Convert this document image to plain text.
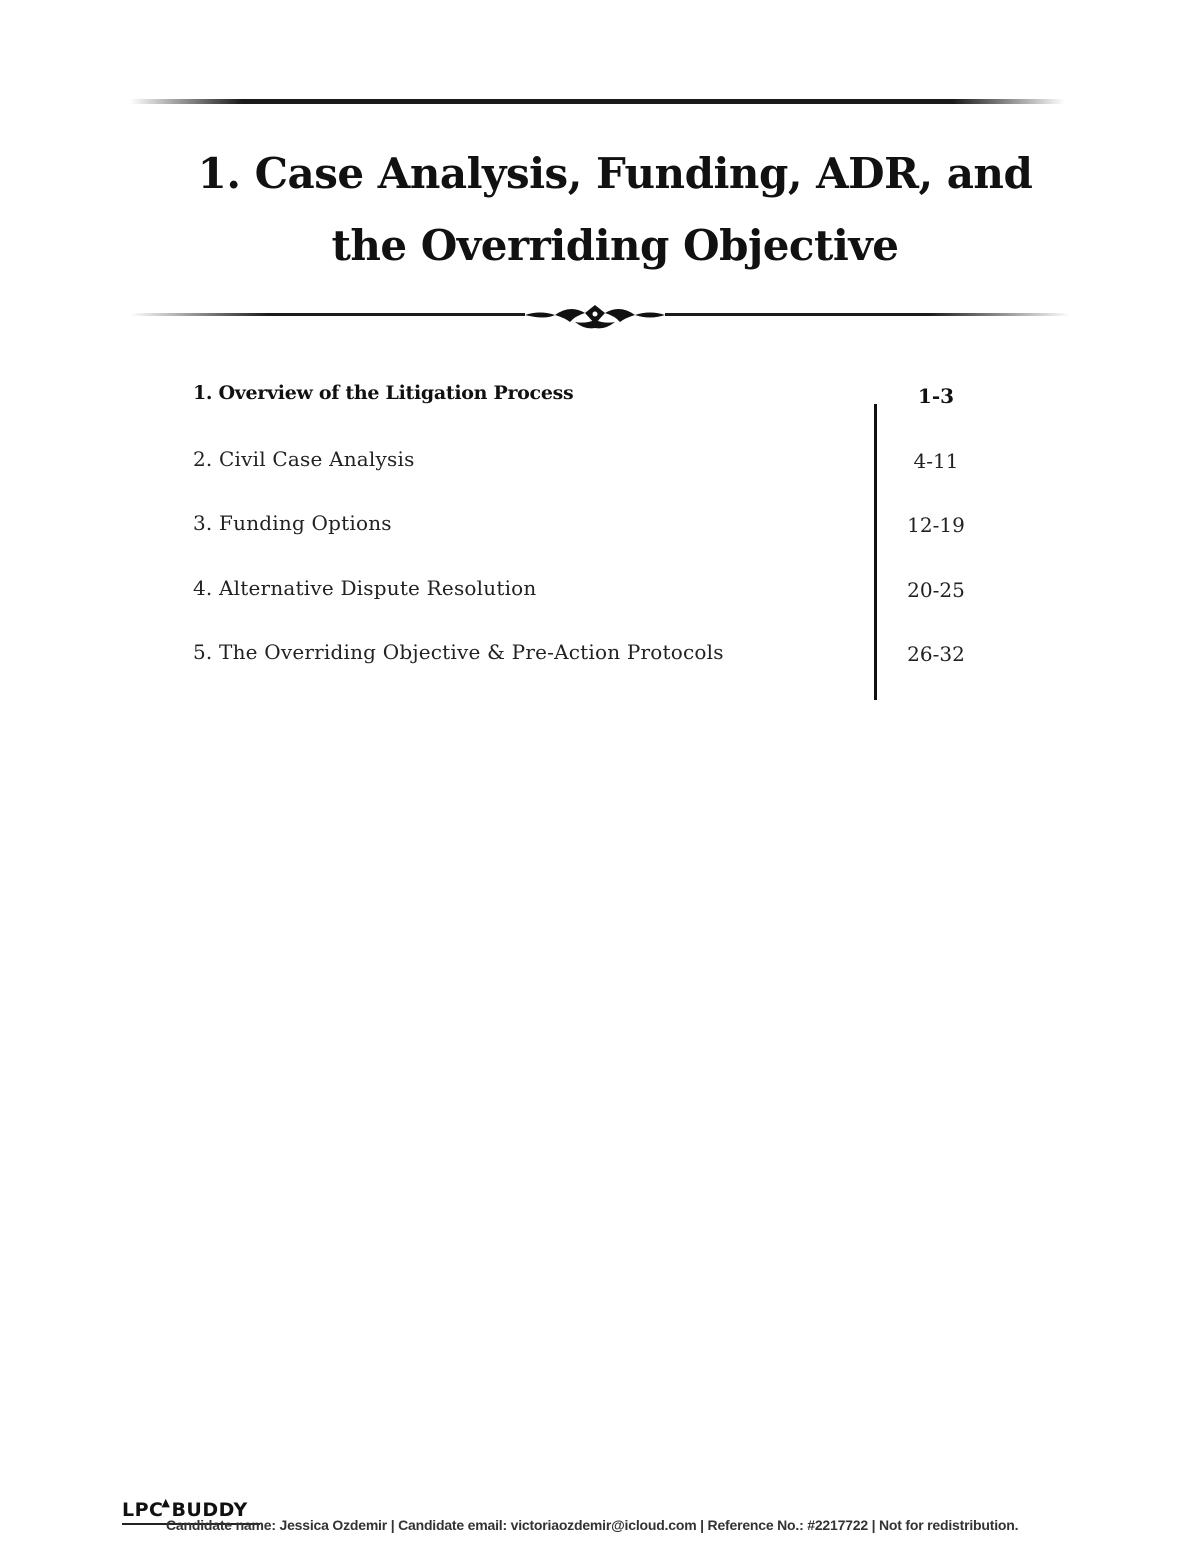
1. Case Analysis, Funding, ADR, and
the Overriding Objective
1. Overview of the Litigation Process	1-3
2. Civil Case Analysis	4-11
3. Funding Options	12-19
4. Alternative Dispute Resolution	20-25
5. The Overriding Objective & Pre-Action Protocols	26-32
LPC▲BUDDY
Candidate name: Jessica Ozdemir | Candidate email: victoriaozdemir@icloud.com | Reference No.: #2217722 | Not for redistribution.
